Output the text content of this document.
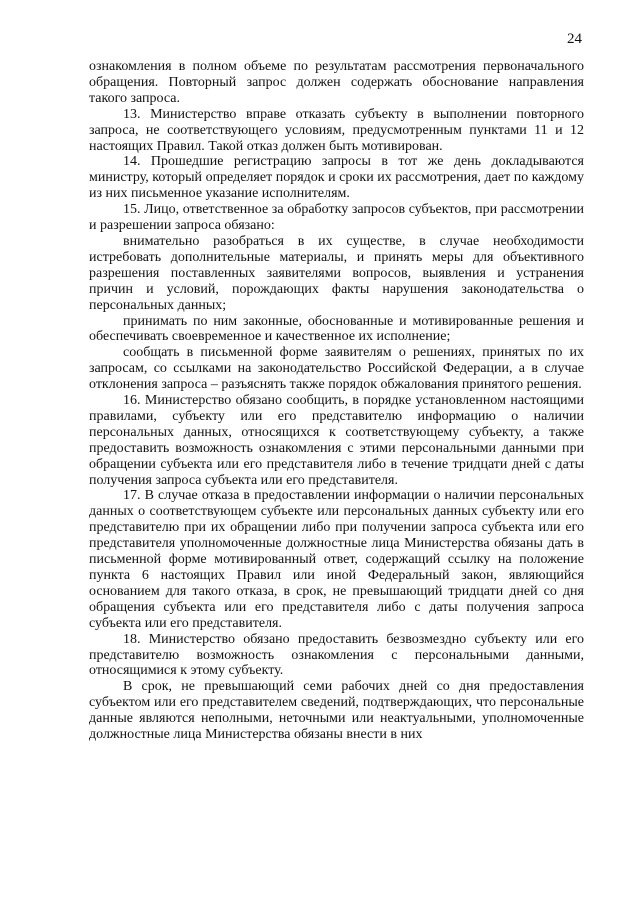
24

ознакомления в полном объеме по результатам рассмотрения первоначального обращения. Повторный запрос должен содержать обоснование направления такого запроса.

13. Министерство вправе отказать субъекту в выполнении повторного запроса, не соответствующего условиям, предусмотренным пунктами 11 и 12 настоящих Правил. Такой отказ должен быть мотивирован.

14. Прошедшие регистрацию запросы в тот же день докладываются министру, который определяет порядок и сроки их рассмотрения, дает по каждому из них письменное указание исполнителям.

15. Лицо, ответственное за обработку запросов субъектов, при рассмотрении и разрешении запроса обязано:

внимательно разобраться в их существе, в случае необходимости истребовать дополнительные материалы, и принять меры для объективного разрешения поставленных заявителями вопросов, выявления и устранения причин и условий, порождающих факты нарушения законодательства о персональных данных;

принимать по ним законные, обоснованные и мотивированные решения и обеспечивать своевременное и качественное их исполнение;

сообщать в письменной форме заявителям о решениях, принятых по их запросам, со ссылками на законодательство Российской Федерации, а в случае отклонения запроса – разъяснять также порядок обжалования принятого решения.

16. Министерство обязано сообщить, в порядке установленном настоящими правилами, субъекту или его представителю информацию о наличии персональных данных, относящихся к соответствующему субъекту, а также предоставить возможность ознакомления с этими персональными данными при обращении субъекта или его представителя либо в течение тридцати дней с даты получения запроса субъекта или его представителя.

17. В случае отказа в предоставлении информации о наличии персональных данных о соответствующем субъекте или персональных данных субъекту или его представителю при их обращении либо при получении запроса субъекта или его представителя уполномоченные должностные лица Министерства обязаны дать в письменной форме мотивированный ответ, содержащий ссылку на положение пункта 6 настоящих Правил или иной Федеральный закон, являющийся основанием для такого отказа, в срок, не превышающий тридцати дней со дня обращения субъекта или его представителя либо с даты получения запроса субъекта или его представителя.

18. Министерство обязано предоставить безвозмездно субъекту или его представителю возможность ознакомления с персональными данными, относящимися к этому субъекту.

В срок, не превышающий семи рабочих дней со дня предоставления субъектом или его представителем сведений, подтверждающих, что персональные данные являются неполными, неточными или неактуальными, уполномоченные должностные лица Министерства обязаны внести в них
